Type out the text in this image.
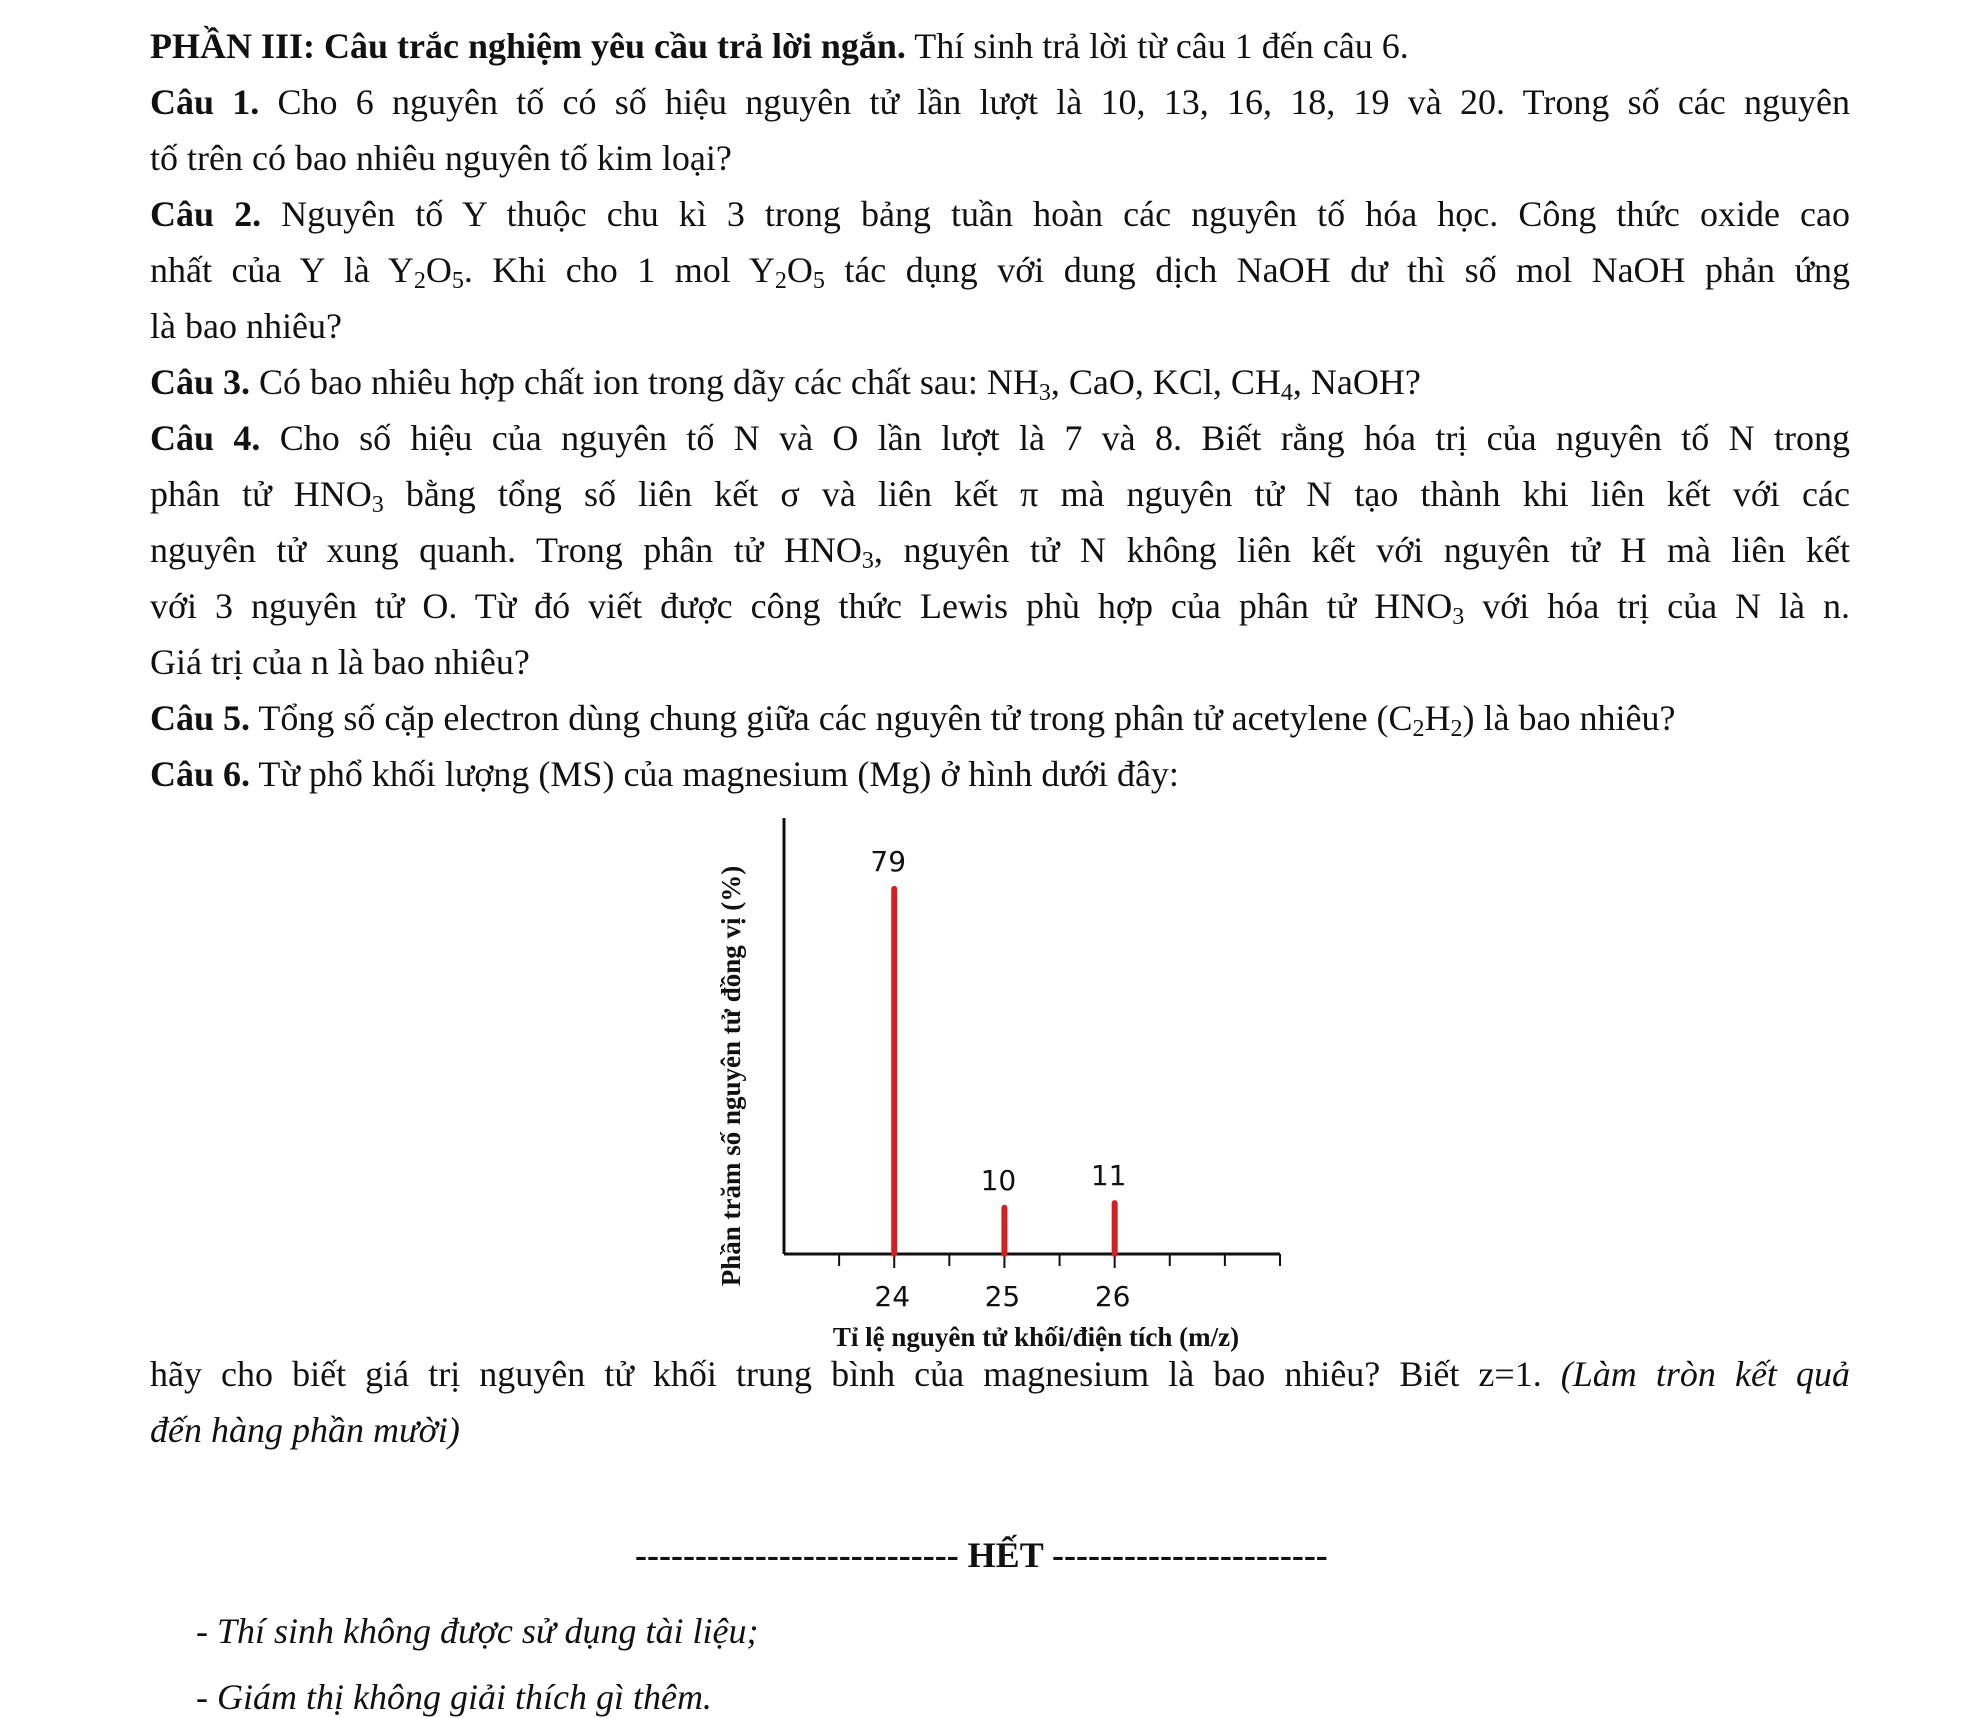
PHẦN III: Câu trắc nghiệm yêu cầu trả lời ngắn. Thí sinh trả lời từ câu 1 đến câu 6.
Câu 1. Cho 6 nguyên tố có số hiệu nguyên tử lần lượt là 10, 13, 16, 18, 19 và 20. Trong số các nguyên
tố trên có bao nhiêu nguyên tố kim loại?
Câu 2. Nguyên tố Y thuộc chu kì 3 trong bảng tuần hoàn các nguyên tố hóa học. Công thức oxide cao
nhất của Y là $Y_2O_5$. Khi cho 1 mol $Y_2O_5$ tác dụng với dung dịch NaOH dư thì số mol NaOH phản ứng
là bao nhiêu?
Câu 3. Có bao nhiêu hợp chất ion trong dãy các chất sau: $NH_3$, CaO, KCl, $CH_4$, NaOH?
Câu 4. Cho số hiệu của nguyên tố N và O lần lượt là 7 và 8. Biết rằng hóa trị của nguyên tố N trong
phân tử $HNO_3$ bằng tổng số liên kết σ và liên kết π mà nguyên tử N tạo thành khi liên kết với các
nguyên tử xung quanh. Trong phân tử $HNO_3$, nguyên tử N không liên kết với nguyên tử H mà liên kết
với 3 nguyên tử O. Từ đó viết được công thức Lewis phù hợp của phân tử $HNO_3$ với hóa trị của N là n.
Giá trị của n là bao nhiêu?
Câu 5. Tổng số cặp electron dùng chung giữa các nguyên tử trong phân tử acetylene $(C_2H_2)$ là bao nhiêu?
Câu 6. Từ phổ khối lượng (MS) của magnesium (Mg) ở hình dưới đây:
79
24
10
25
11
26
Tỉ lệ nguyên tử khối/điện tích (m/z)
Phần trăm số nguyên tử đồng vị (%)
hãy cho biết giá trị nguyên tử khối trung bình của magnesium là bao nhiêu? Biết z=1. (Làm tròn kết quả
đến hàng phần mười)
--------------------------- HẾT -----------------------
- Thí sinh không được sử dụng tài liệu;
- Giám thị không giải thích gì thêm.
